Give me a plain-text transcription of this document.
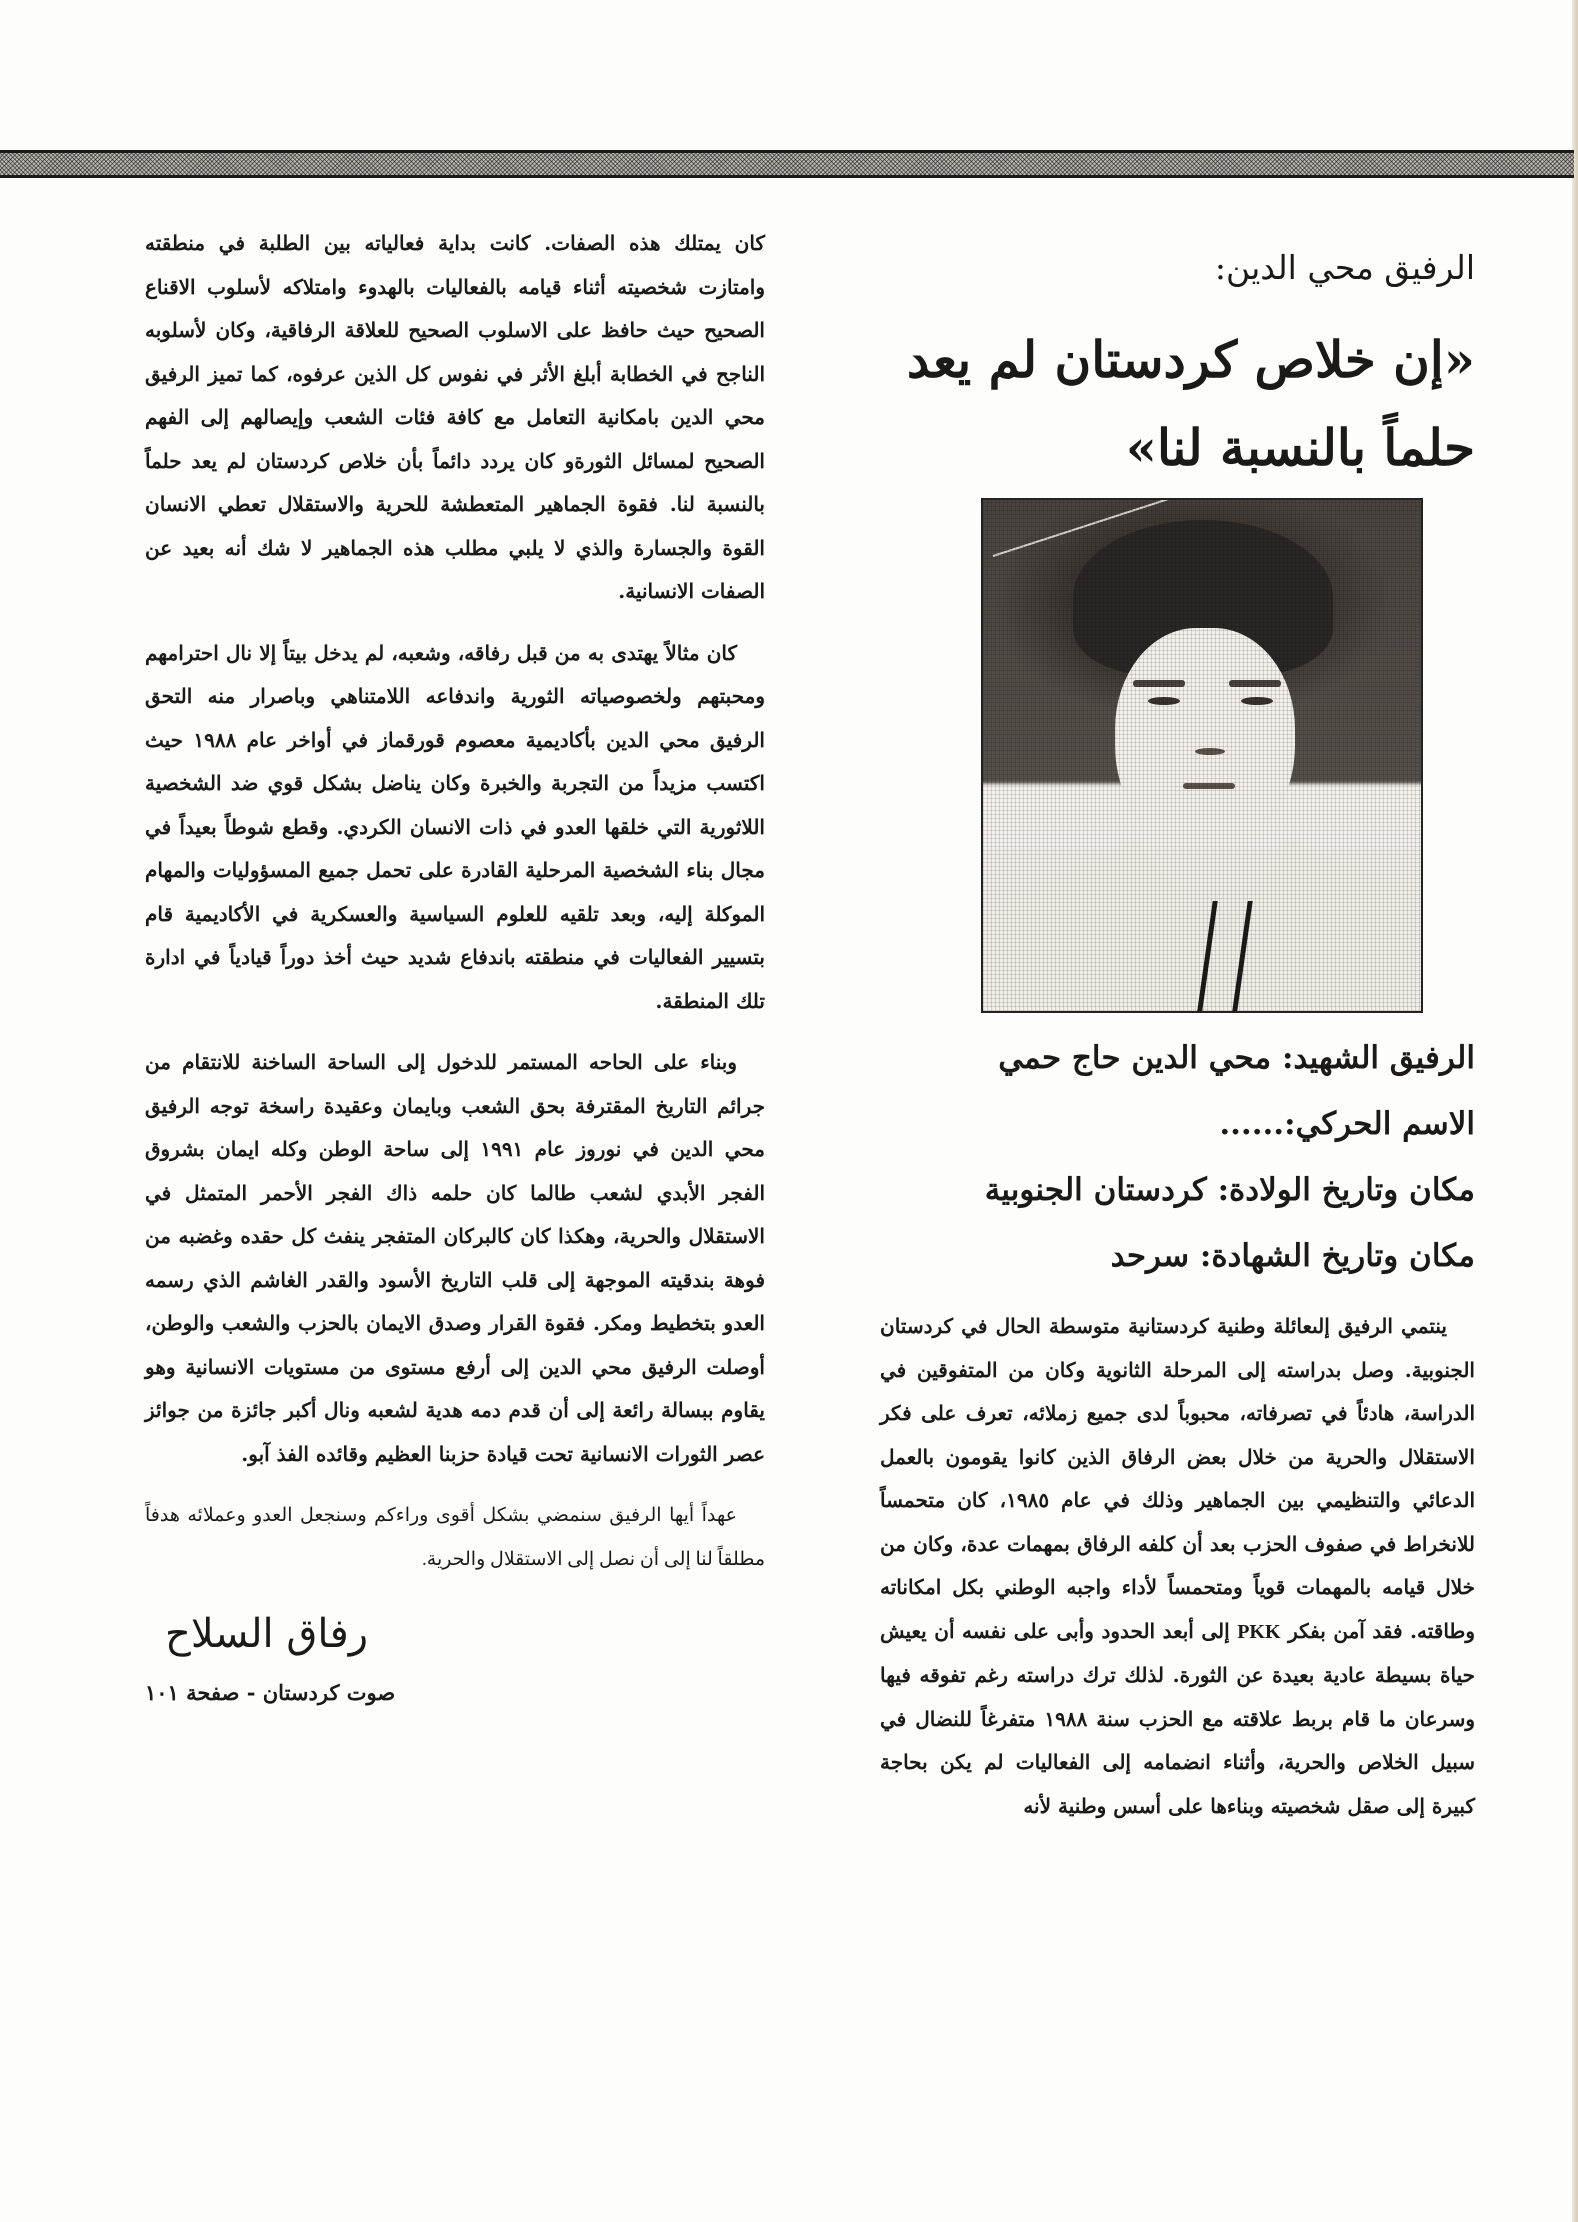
الرفيق محي الدين:

«إن خلاص كردستان لم يعد حلماً بالنسبة لنا»

الرفيق الشهيد: محي الدين حاج حمي

الاسم الحركي:......

مكان وتاريخ الولادة: كردستان الجنوبية

مكان وتاريخ الشهادة: سرحد

ينتمي الرفيق إلىعائلة وطنية كردستانية متوسطة الحال في كردستان الجنوبية. وصل بدراسته إلى المرحلة الثانوية وكان من المتفوقين في الدراسة، هادئاً في تصرفاته، محبوباً لدى جميع زملائه، تعرف على فكر الاستقلال والحرية من خلال بعض الرفاق الذين كانوا يقومون بالعمل الدعائي والتنظيمي بين الجماهير وذلك في عام ١٩٨٥، كان متحمساً للانخراط في صفوف الحزب بعد أن كلفه الرفاق بمهمات عدة، وكان من خلال قيامه بالمهمات قوياً ومتحمساً لأداء واجبه الوطني بكل امكاناته وطاقته. فقد آمن بفكر PKK إلى أبعد الحدود وأبى على نفسه أن يعيش حياة بسيطة عادية بعيدة عن الثورة. لذلك ترك دراسته رغم تفوقه فيها وسرعان ما قام بربط علاقته مع الحزب سنة ١٩٨٨ متفرغاً للنضال في سبيل الخلاص والحرية، وأثناء انضمامه إلى الفعاليات لم يكن بحاجة كبيرة إلى صقل شخصيته وبناءها على أسس وطنية لأنه

كان يمتلك هذه الصفات. كانت بداية فعالياته بين الطلبة في منطقته وامتازت شخصيته أثناء قيامه بالفعاليات بالهدوء وامتلاكه لأسلوب الاقناع الصحيح حيث حافظ على الاسلوب الصحيح للعلاقة الرفاقية، وكان لأسلوبه الناجح في الخطابة أبلغ الأثر في نفوس كل الذين عرفوه، كما تميز الرفيق محي الدين بامكانية التعامل مع كافة فئات الشعب وإيصالهم إلى الفهم الصحيح لمسائل الثورةو كان يردد دائماً بأن خلاص كردستان لم يعد حلماً بالنسبة لنا. فقوة الجماهير المتعطشة للحرية والاستقلال تعطي الانسان القوة والجسارة والذي لا يلبي مطلب هذه الجماهير لا شك أنه بعيد عن الصفات الانسانية.

كان مثالاً يهتدى به من قبل رفاقه، وشعبه، لم يدخل بيتاً إلا نال احترامهم ومحبتهم ولخصوصياته الثورية واندفاعه اللامتناهي وباصرار منه التحق الرفيق محي الدين بأكاديمية معصوم قورقماز في أواخر عام ١٩٨٨ حيث اكتسب مزيداً من التجربة والخبرة وكان يناضل بشكل قوي ضد الشخصية اللاثورية التي خلقها العدو في ذات الانسان الكردي. وقطع شوطاً بعيداً في مجال بناء الشخصية المرحلية القادرة على تحمل جميع المسؤوليات والمهام الموكلة إليه، وبعد تلقيه للعلوم السياسية والعسكرية في الأكاديمية قام بتسيير الفعاليات في منطقته باندفاع شديد حيث أخذ دوراً قيادياً في ادارة تلك المنطقة.

وبناء على الحاحه المستمر للدخول إلى الساحة الساخنة للانتقام من جرائم التاريخ المقترفة بحق الشعب وبايمان وعقيدة راسخة توجه الرفيق محي الدين في نوروز عام ١٩٩١ إلى ساحة الوطن وكله ايمان بشروق الفجر الأبدي لشعب طالما كان حلمه ذاك الفجر الأحمر المتمثل في الاستقلال والحرية، وهكذا كان كالبركان المتفجر ينفث كل حقده وغضبه من فوهة بندقيته الموجهة إلى قلب التاريخ الأسود والقدر الغاشم الذي رسمه العدو بتخطيط ومكر. فقوة القرار وصدق الايمان بالحزب والشعب والوطن، أوصلت الرفيق محي الدين إلى أرفع مستوى من مستويات الانسانية وهو يقاوم ببسالة رائعة إلى أن قدم دمه هدية لشعبه ونال أكبر جائزة من جوائز عصر الثورات الانسانية تحت قيادة حزبنا العظيم وقائده الفذ آبو.

عهداً أيها الرفيق سنمضي بشكل أقوى وراءكم وسنجعل العدو وعملائه هدفاً مطلقاً لنا إلى أن نصل إلى الاستقلال والحرية.

رفاق السلاح

صوت كردستان - صفحة ١٠١
